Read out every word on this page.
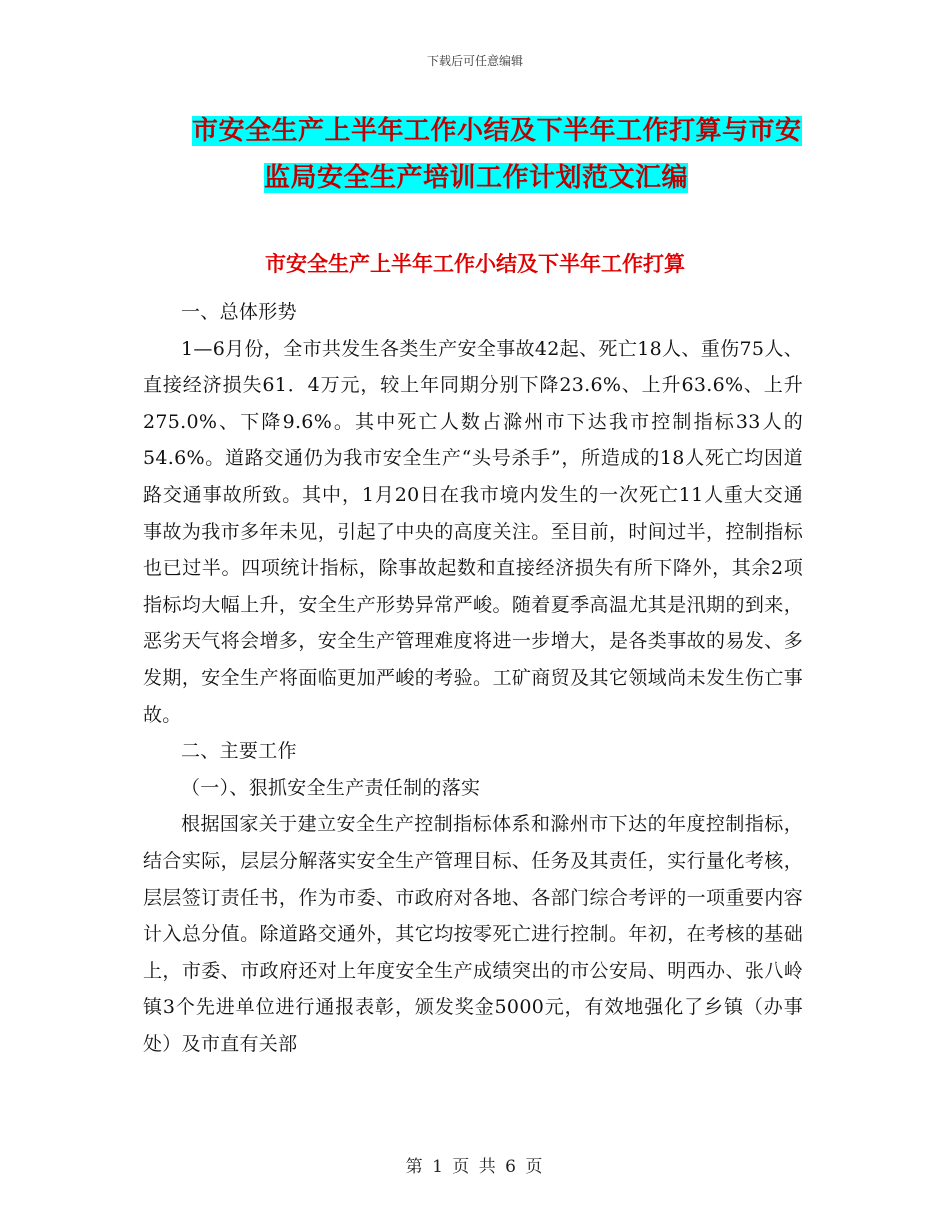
下载后可任意编辑
市安全生产上半年工作小结及下半年工作打算与市安
监局安全生产培训工作计划范文汇编
市安全生产上半年工作小结及下半年工作打算

一、总体形势

1—6月份，全市共发生各类生产安全事故42起、死亡18人、重伤75人、直接经济损失61．4万元，较上年同期分别下降23.6%、上升63.6%、上升275.0%、下降9.6%。其中死亡人数占滁州市下达我市控制指标33人的54.6%。道路交通仍为我市安全生产“头号杀手”，所造成的18人死亡均因道路交通事故所致。其中，1月20日在我市境内发生的一次死亡11人重大交通事故为我市多年未见，引起了中央的高度关注。至目前，时间过半，控制指标也已过半。四项统计指标，除事故起数和直接经济损失有所下降外，其余2项指标均大幅上升，安全生产形势异常严峻。随着夏季高温尤其是汛期的到来，恶劣天气将会增多，安全生产管理难度将进一步增大，是各类事故的易发、多发期，安全生产将面临更加严峻的考验。工矿商贸及其它领域尚未发生伤亡事故。

二、主要工作

（一）、狠抓安全生产责任制的落实

根据国家关于建立安全生产控制指标体系和滁州市下达的年度控制指标，结合实际，层层分解落实安全生产管理目标、任务及其责任，实行量化考核，层层签订责任书，作为市委、市政府对各地、各部门综合考评的一项重要内容计入总分值。除道路交通外，其它均按零死亡进行控制。年初，在考核的基础上，市委、市政府还对上年度安全生产成绩突出的市公安局、明西办、张八岭镇3个先进单位进行通报表彰，颁发奖金5000元，有效地强化了乡镇（办事处）及市直有关部

第 1 页 共 6 页
